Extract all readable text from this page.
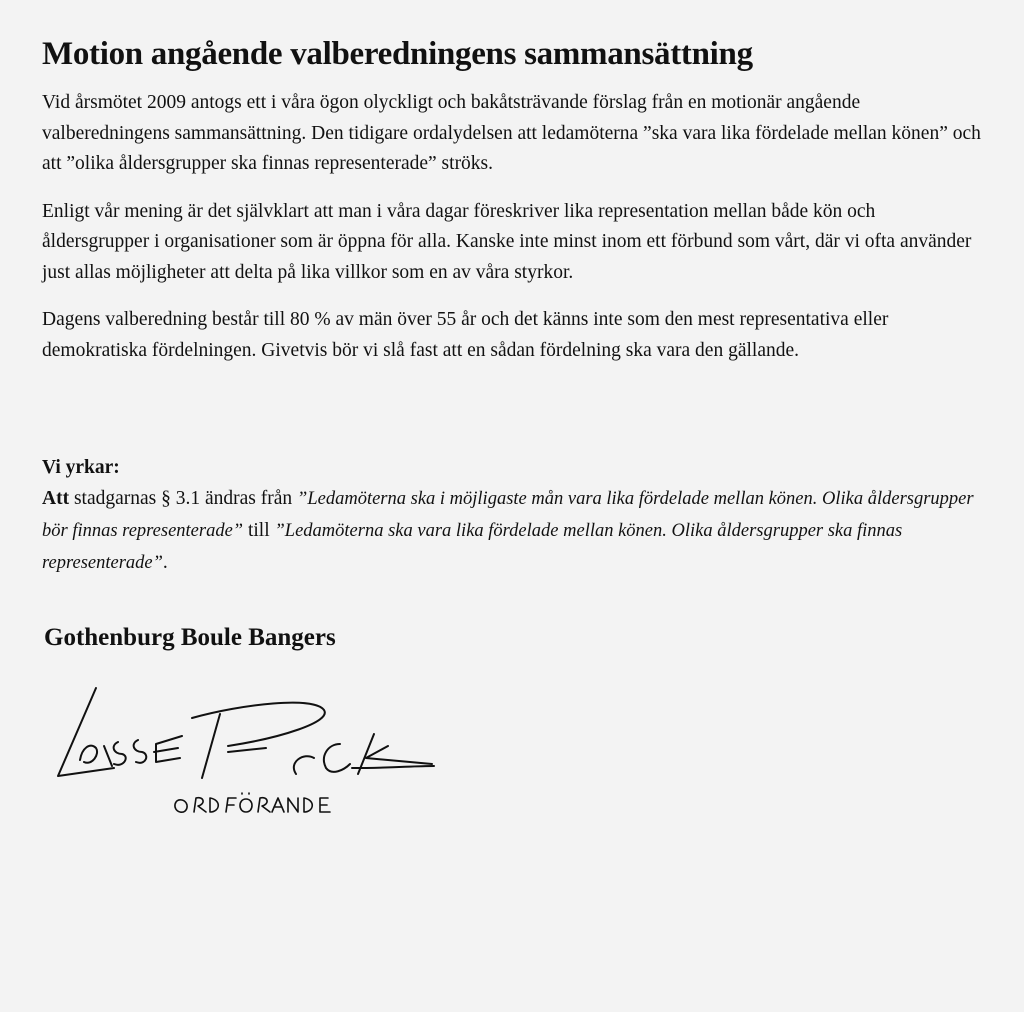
Motion angående valberedningens sammansättning

Vid årsmötet 2009 antogs ett i våra ögon olyckligt och bakåtsträvande förslag från en motionär angående valberedningens sammansättning. Den tidigare ordalydelsen att ledamöterna ”ska vara lika fördelade mellan könen” och att ”olika åldersgrupper ska finnas representerade” ströks.

Enligt vår mening är det självklart att man i våra dagar föreskriver lika representation mellan både kön och åldersgrupper i organisationer som är öppna för alla. Kanske inte minst inom ett förbund som vårt, där vi ofta använder just allas möjligheter att delta på lika villkor som en av våra styrkor.

Dagens valberedning består till 80 % av män över 55 år och det känns inte som den mest representativa eller demokratiska fördelningen. Givetvis bör vi slå fast att en sådan fördelning ska vara den gällande.

Vi yrkar:
Att stadgarnas § 3.1 ändras från ”Ledamöterna ska i möjligaste mån vara lika fördelade mellan könen. Olika åldersgrupper bör finnas representerade” till ”Ledamöterna ska vara lika fördelade mellan könen. Olika åldersgrupper ska finnas representerade”.
Gothenburg Boule Bangers
